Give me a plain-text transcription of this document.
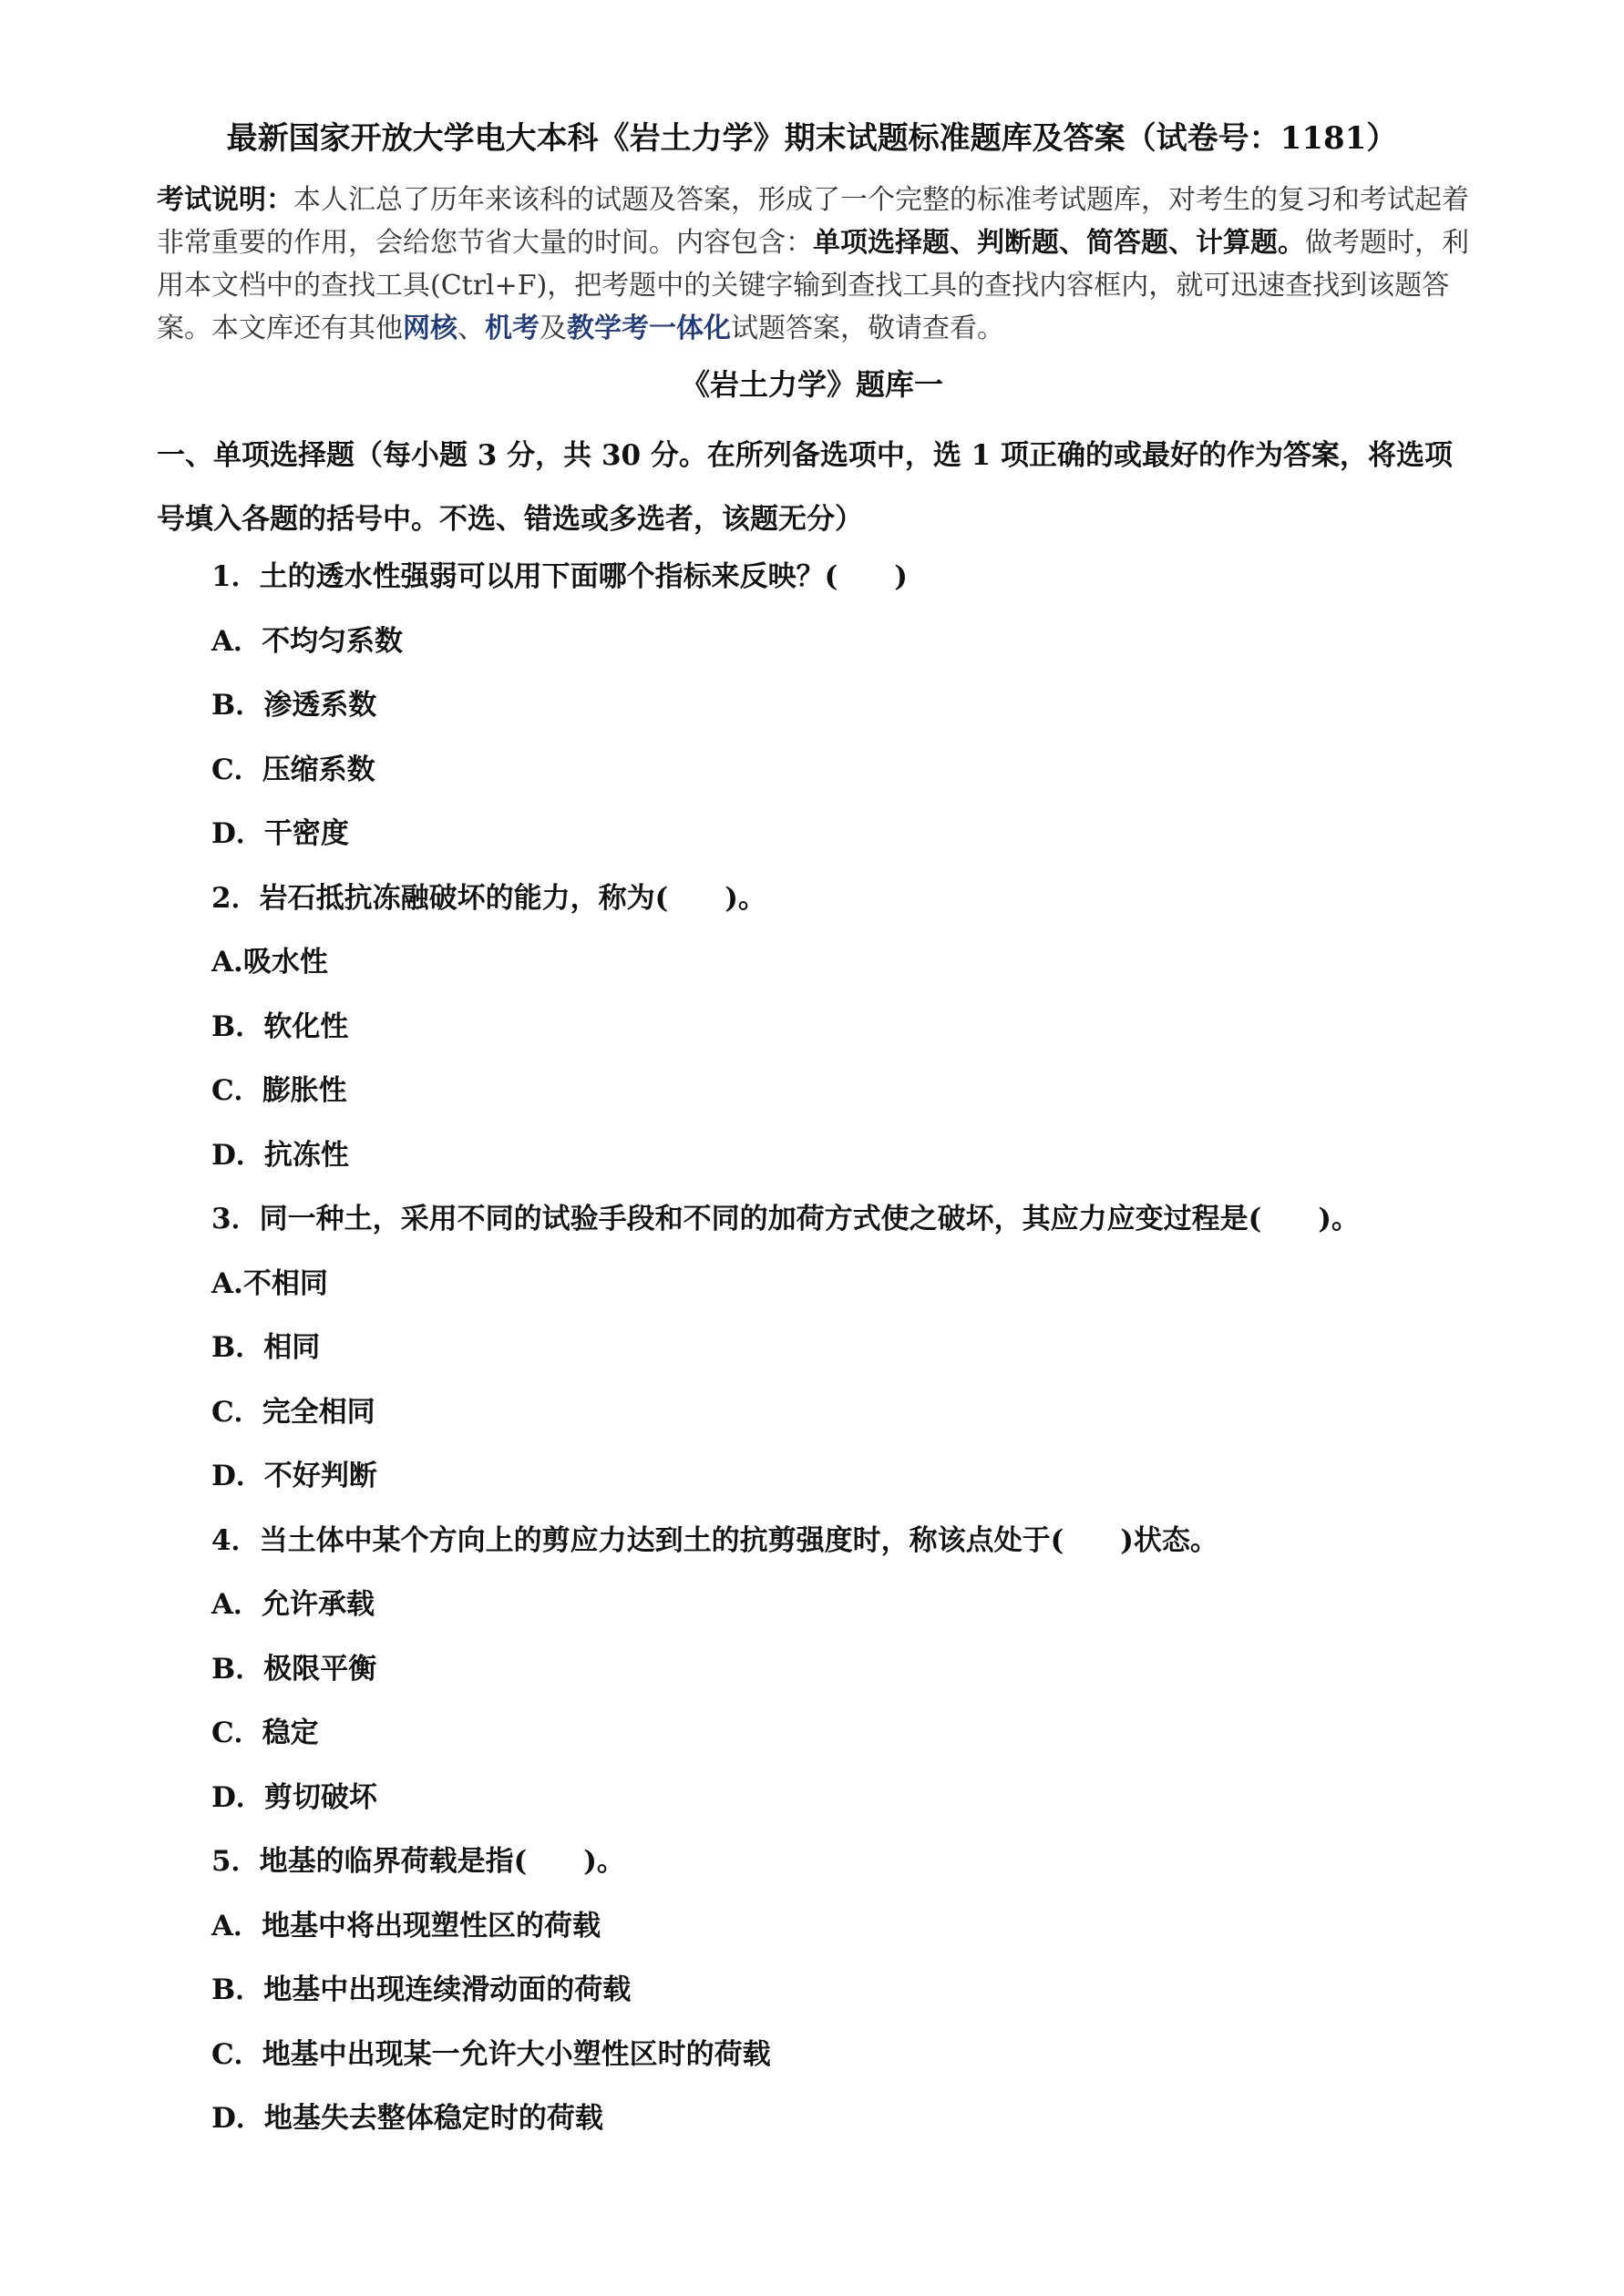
最新国家开放大学电大本科《岩土力学》期末试题标准题库及答案（试卷号：1181）
考试说明：本人汇总了历年来该科的试题及答案，形成了一个完整的标准考试题库，对考生的复习和考试起着非常重要的作用，会给您节省大量的时间。内容包含：单项选择题、判断题、简答题、计算题。做考题时，利用本文档中的查找工具(Ctrl+F)，把考题中的关键字输到查找工具的查找内容框内，就可迅速查找到该题答案。本文库还有其他网核、机考及教学考一体化试题答案，敬请查看。
《岩土力学》题库一
一、单项选择题（每小题 3 分，共 30 分。在所列备选项中，选 1 项正确的或最好的作为答案，将选项号填入各题的括号中。不选、错选或多选者，该题无分）
1．土的透水性强弱可以用下面哪个指标来反映？(　　)
A．不均匀系数
B．渗透系数
C．压缩系数
D．干密度
2．岩石抵抗冻融破坏的能力，称为(　　)。
A.吸水性
B．软化性
C．膨胀性
D．抗冻性
3．同一种土，采用不同的试验手段和不同的加荷方式使之破坏，其应力应变过程是(　　)。
A.不相同
B．相同
C．完全相同
D．不好判断
4．当土体中某个方向上的剪应力达到土的抗剪强度时，称该点处于(　　)状态。
A．允许承载
B．极限平衡
C．稳定
D．剪切破坏
5．地基的临界荷载是指(　　)。
A．地基中将出现塑性区的荷载
B．地基中出现连续滑动面的荷载
C．地基中出现某一允许大小塑性区时的荷载
D．地基失去整体稳定时的荷载
